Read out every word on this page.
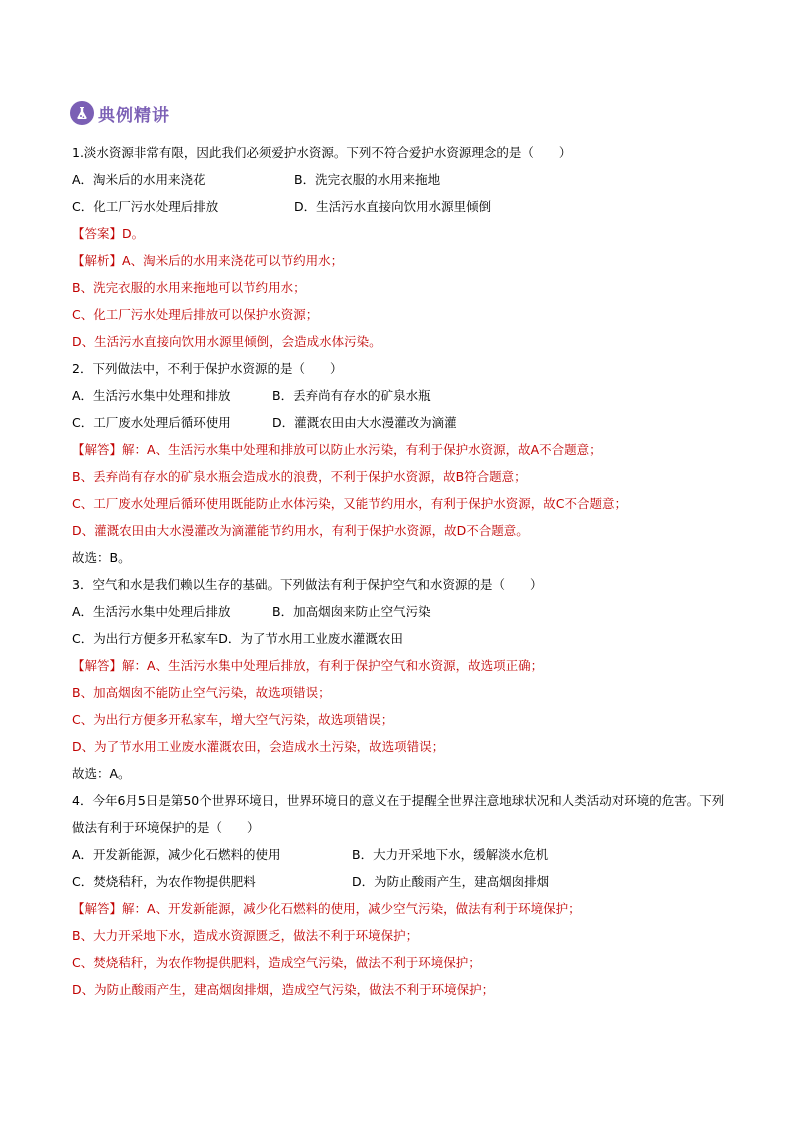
典例精讲
1.淡水资源非常有限，因此我们必须爱护水资源。下列不符合爱护水资源理念的是（　　）
A．淘米后的水用来浇花	B．洗完衣服的水用来拖地
C．化工厂污水处理后排放	D．生活污水直接向饮用水源里倾倒
【答案】D。
【解析】A、淘米后的水用来浇花可以节约用水；
B、洗完衣服的水用来拖地可以节约用水；
C、化工厂污水处理后排放可以保护水资源；
D、生活污水直接向饮用水源里倾倒，会造成水体污染。
2．下列做法中，不利于保护水资源的是（　　）
A．生活污水集中处理和排放	B．丢弃尚有存水的矿泉水瓶
C．工厂废水处理后循环使用	D．灌溉农田由大水漫灌改为滴灌
【解答】解：A、生活污水集中处理和排放可以防止水污染，有利于保护水资源，故A不合题意；
B、丢弃尚有存水的矿泉水瓶会造成水的浪费，不利于保护水资源，故B符合题意；
C、工厂废水处理后循环使用既能防止水体污染，又能节约用水，有利于保护水资源，故C不合题意；
D、灌溉农田由大水漫灌改为滴灌能节约用水，有利于保护水资源，故D不合题意。
故选：B。
3．空气和水是我们赖以生存的基础。下列做法有利于保护空气和水资源的是（　　）
A．生活污水集中处理后排放	B．加高烟囱来防止空气污染
C．为出行方便多开私家车D．为了节水用工业废水灌溉农田
【解答】解：A、生活污水集中处理后排放，有利于保护空气和水资源，故选项正确；
B、加高烟囱不能防止空气污染，故选项错误；
C、为出行方便多开私家车，增大空气污染，故选项错误；
D、为了节水用工业废水灌溉农田，会造成水土污染，故选项错误；
故选：A。
4．今年6月5日是第50个世界环境日，世界环境日的意义在于提醒全世界注意地球状况和人类活动对环境的危害。下列做法有利于环境保护的是（　　）
A．开发新能源，减少化石燃料的使用	B．大力开采地下水，缓解淡水危机
C．焚烧秸秆，为农作物提供肥料	D．为防止酸雨产生，建高烟囱排烟
【解答】解：A、开发新能源，减少化石燃料的使用，减少空气污染，做法有利于环境保护；
B、大力开采地下水，造成水资源匮乏，做法不利于环境保护；
C、焚烧秸秆，为农作物提供肥料，造成空气污染，做法不利于环境保护；
D、为防止酸雨产生，建高烟囱排烟，造成空气污染，做法不利于环境保护；
